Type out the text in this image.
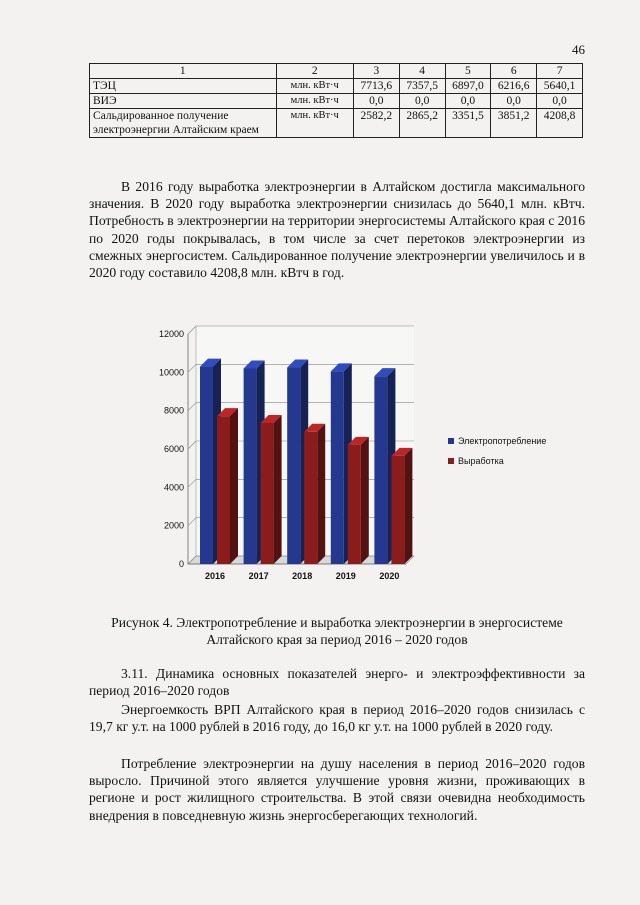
46
1	2	3	4	5	6	7
ТЭЦ	млн. кВт·ч	7713,6	7357,5	6897,0	6216,6	5640,1
ВИЭ	млн. кВт·ч	0,0	0,0	0,0	0,0	0,0
Сальдированное получение электроэнергии Алтайским краем	млн. кВт·ч	2582,2	2865,2	3351,5	3851,2	4208,8
В 2016 году выработка электроэнергии в Алтайском достигла максимального значения. В 2020 году выработка электроэнергии снизилась до 5640,1 млн. кВтч. Потребность в электроэнергии на территории энергосистемы Алтайского края с 2016 по 2020 годы покрывалась, в том числе за счет перетоков электроэнергии из смежных энергосистем. Сальдированное получение электроэнергии увеличилось и в 2020 году составило 4208,8 млн. кВтч в год.
0
2000
4000
6000
8000
10000
12000
2016	2017	2018	2019	2020
Электропотребление
Выработка
Рисунок 4. Электропотребление и выработка электроэнергии в энергосистеме Алтайского края за период 2016 – 2020 годов
3.11. Динамика основных показателей энерго- и электроэффективности за период 2016–2020 годов
Энергоемкость ВРП Алтайского края в период 2016–2020 годов снизилась с 19,7 кг у.т. на 1000 рублей в 2016 году, до 16,0 кг у.т. на 1000 рублей в 2020 году.
Потребление электроэнергии на душу населения в период 2016–2020 годов выросло. Причиной этого является улучшение уровня жизни, проживающих в регионе и рост жилищного строительства. В этой связи очевидна необходимость внедрения в повседневную жизнь энергосберегающих технологий.
